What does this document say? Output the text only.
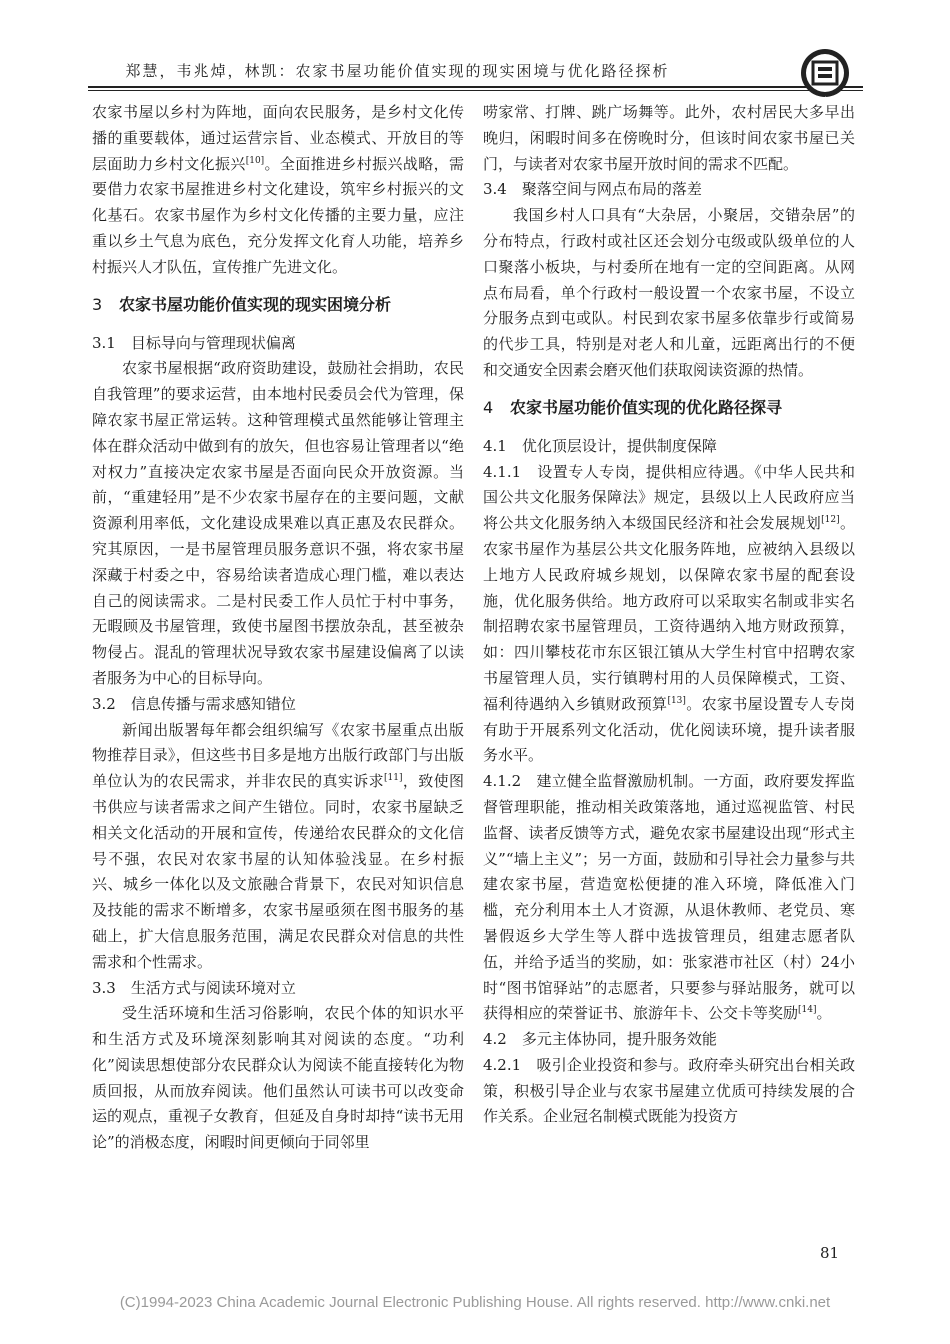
郑慧，韦兆焯，林凯：农家书屋功能价值实现的现实困境与优化路径探析
图

农家书屋以乡村为阵地，面向农民服务，是乡村文化传播的重要载体，通过运营宗旨、业态模式、开放目的等层面助力乡村文化振兴[10]。全面推进乡村振兴战略，需要借力农家书屋推进乡村文化建设，筑牢乡村振兴的文化基石。农家书屋作为乡村文化传播的主要力量，应注重以乡土气息为底色，充分发挥文化育人功能，培养乡村振兴人才队伍，宣传推广先进文化。

3 农家书屋功能价值实现的现实困境分析

3.1　目标导向与管理现状偏离

农家书屋根据“政府资助建设，鼓励社会捐助，农民自我管理”的要求运营，由本地村民委员会代为管理，保障农家书屋正常运转。这种管理模式虽然能够让管理主体在群众活动中做到有的放矢，但也容易让管理者以“绝对权力”直接决定农家书屋是否面向民众开放资源。当前，“重建轻用”是不少农家书屋存在的主要问题，文献资源利用率低，文化建设成果难以真正惠及农民群众。究其原因，一是书屋管理员服务意识不强，将农家书屋深藏于村委之中，容易给读者造成心理门槛，难以表达自己的阅读需求。二是村民委工作人员忙于村中事务，无暇顾及书屋管理，致使书屋图书摆放杂乱，甚至被杂物侵占。混乱的管理状况导致农家书屋建设偏离了以读者服务为中心的目标导向。

3.2　信息传播与需求感知错位

新闻出版署每年都会组织编写《农家书屋重点出版物推荐目录》，但这些书目多是地方出版行政部门与出版单位认为的农民需求，并非农民的真实诉求[11]，致使图书供应与读者需求之间产生错位。同时，农家书屋缺乏相关文化活动的开展和宣传，传递给农民群众的文化信号不强，农民对农家书屋的认知体验浅显。在乡村振兴、城乡一体化以及文旅融合背景下，农民对知识信息及技能的需求不断增多，农家书屋亟须在图书服务的基础上，扩大信息服务范围，满足农民群众对信息的共性需求和个性需求。

3.3　生活方式与阅读环境对立

受生活环境和生活习俗影响，农民个体的知识水平和生活方式及环境深刻影响其对阅读的态度。“功利化”阅读思想使部分农民群众认为阅读不能直接转化为物质回报，从而放弃阅读。他们虽然认可读书可以改变命运的观点，重视子女教育，但延及自身时却持“读书无用论”的消极态度，闲暇时间更倾向于同邻里

唠家常、打牌、跳广场舞等。此外，农村居民大多早出晚归，闲暇时间多在傍晚时分，但该时间农家书屋已关门，与读者对农家书屋开放时间的需求不匹配。

3.4　聚落空间与网点布局的落差

我国乡村人口具有“大杂居，小聚居，交错杂居”的分布特点，行政村或社区还会划分屯级或队级单位的人口聚落小板块，与村委所在地有一定的空间距离。从网点布局看，单个行政村一般设置一个农家书屋，不设立分服务点到屯或队。村民到农家书屋多依靠步行或简易的代步工具，特别是对老人和儿童，远距离出行的不便和交通安全因素会磨灭他们获取阅读资源的热情。

4 农家书屋功能价值实现的优化路径探寻

4.1　优化顶层设计，提供制度保障

4.1.1　设置专人专岗，提供相应待遇。《中华人民共和国公共文化服务保障法》规定，县级以上人民政府应当将公共文化服务纳入本级国民经济和社会发展规划[12]。农家书屋作为基层公共文化服务阵地，应被纳入县级以上地方人民政府城乡规划，以保障农家书屋的配套设施，优化服务供给。地方政府可以采取实名制或非实名制招聘农家书屋管理员，工资待遇纳入地方财政预算，如：四川攀枝花市东区银江镇从大学生村官中招聘农家书屋管理人员，实行镇聘村用的人员保障模式，工资、福利待遇纳入乡镇财政预算[13]。农家书屋设置专人专岗有助于开展系列文化活动，优化阅读环境，提升读者服务水平。

4.1.2　建立健全监督激励机制。一方面，政府要发挥监督管理职能，推动相关政策落地，通过巡视监管、村民监督、读者反馈等方式，避免农家书屋建设出现“形式主义”“墙上主义”；另一方面，鼓励和引导社会力量参与共建农家书屋，营造宽松便捷的准入环境，降低准入门槛，充分利用本土人才资源，从退休教师、老党员、寒暑假返乡大学生等人群中选拔管理员，组建志愿者队伍，并给予适当的奖励，如：张家港市社区（村）24小时“图书馆驿站”的志愿者，只要参与驿站服务，就可以获得相应的荣誉证书、旅游年卡、公交卡等奖励[14]。

4.2　多元主体协同，提升服务效能

4.2.1　吸引企业投资和参与。政府牵头研究出台相关政策，积极引导企业与农家书屋建立优质可持续发展的合作关系。企业冠名制模式既能为投资方

81
(C)1994-2023 China Academic Journal Electronic Publishing House. All rights reserved. http://www.cnki.net
